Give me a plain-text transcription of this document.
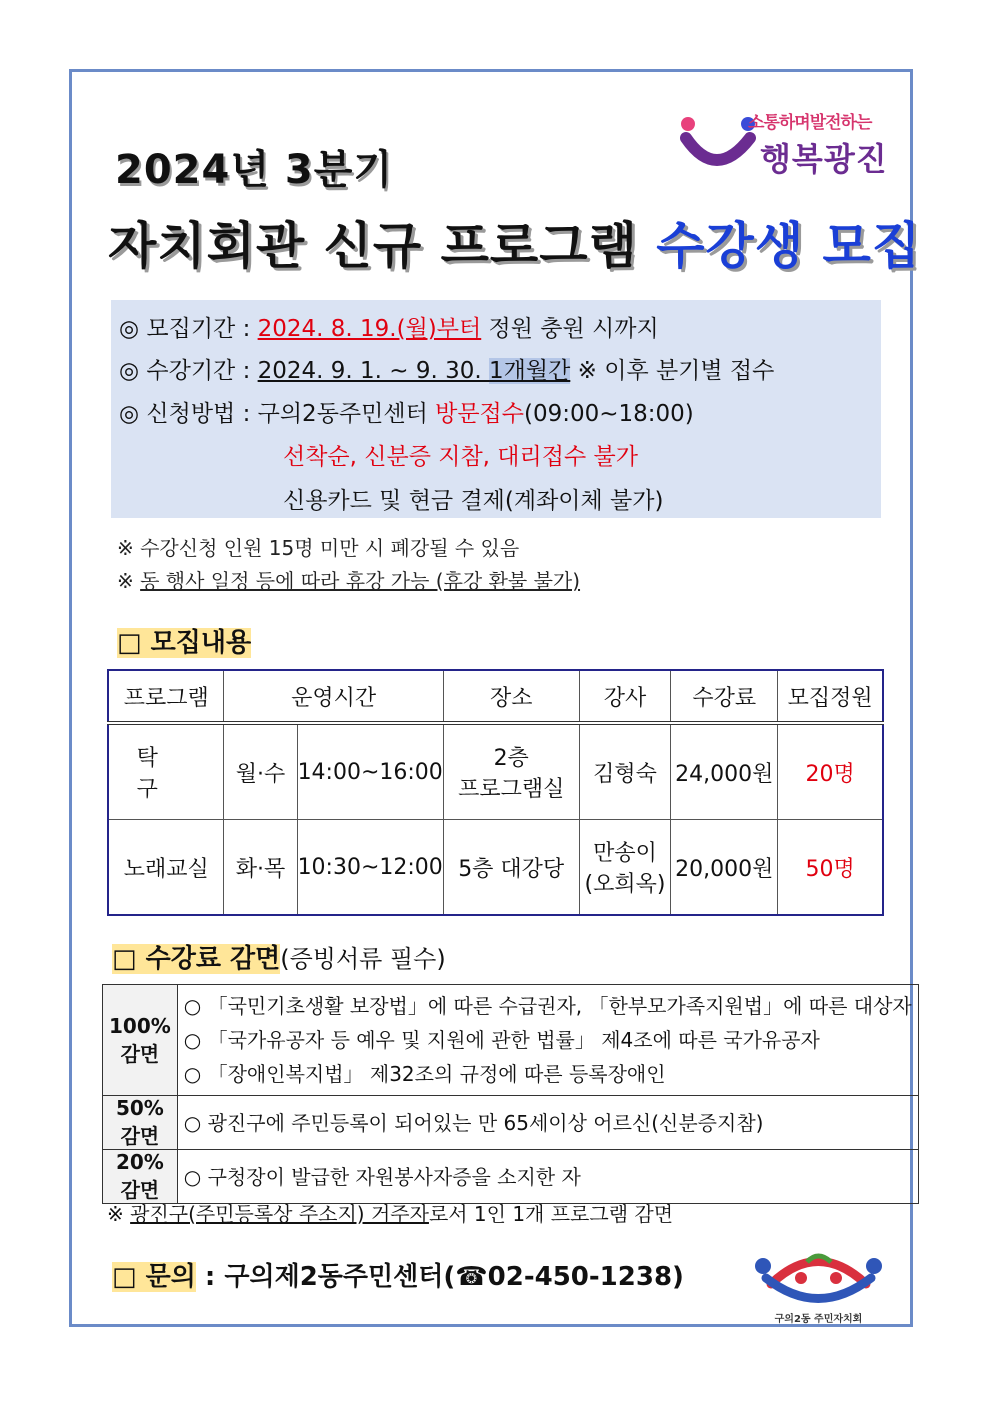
소통하며발전하는
행복광진
2024년 3분기
자치회관 신규 프로그램 수강생 모집
◎ 모집기간 : 2024. 8. 19.(월)부터 정원 충원 시까지
◎ 수강기간 : 2024. 9. 1. ~ 9. 30. 1개월간 ※ 이후 분기별 접수
◎ 신청방법 : 구의2동주민센터 방문접수(09:00~18:00)
선착순, 신분증 지참, 대리접수 불가
신용카드 및 현금 결제(계좌이체 불가)
※ 수강신청 인원 15명 미만 시 폐강될 수 있음
※ 동 행사 일정 등에 따라 휴강 가능 (휴강 환불 불가)
□ 모집내용
프로그램	운영시간		장소	강사	수강료	모집정원
탁 구	월·수	14:00~16:00	2층
프로그램실	김형숙	24,000원	20명
노래교실	화·목	10:30~12:00	5층 대강당	만송이
(오희옥)	20,000원	50명
□ 수강료 감면(증빙서류 필수)
100% 감면	○ 「국민기초생활 보장법」에 따른 수급권자, 「한부모가족지원법」에 따른 대상자
○ 「국가유공자 등 예우 및 지원에 관한 법률」 제4조에 따른 국가유공자
○ 「장애인복지법」 제32조의 규정에 따른 등록장애인

50% 감면	○ 광진구에 주민등록이 되어있는 만 65세이상 어르신(신분증지참)

20% 감면	○ 구청장이 발급한 자원봉사자증을 소지한 자
※ 광진구(주민등록상 주소지) 거주자로서 1인 1개 프로그램 감면
□ 문의 : 구의제2동주민센터(☎02-450-1238)
구의2동 주민자치회
